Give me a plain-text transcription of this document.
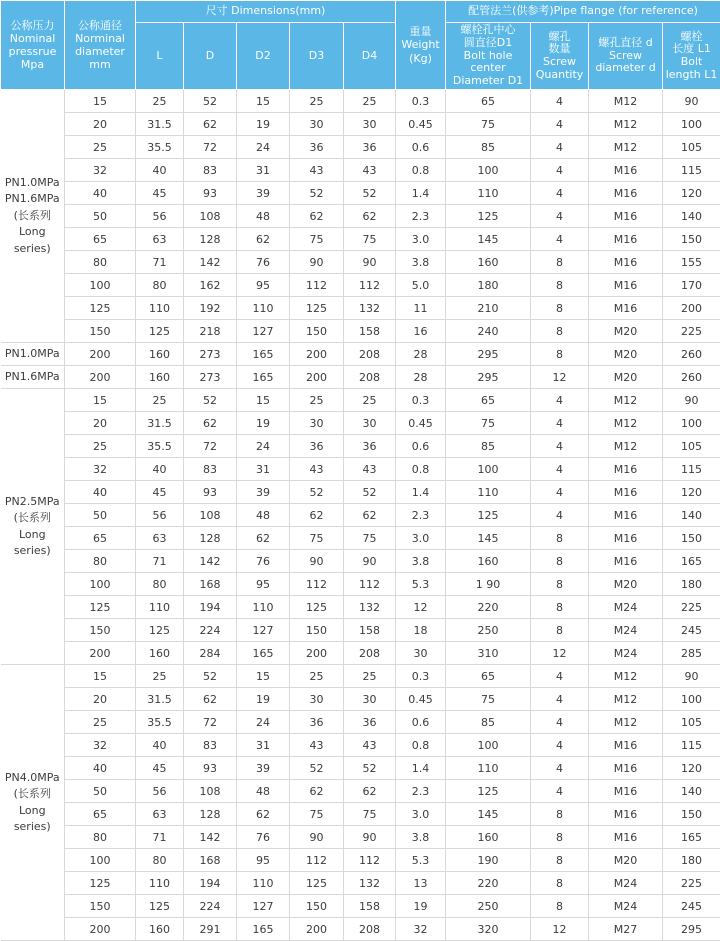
公称压力
Nominal
pressrue
Mpa	公称通径
Norminal
diameter
mm	尺寸 Dimensions(mm)					重量
Weight
(Kg)	配管法兰(供参考)Pipe flange (for reference)			
		L	D	D2	D3	D4		螺栓孔中心
圆直径D1
Bolt hole center
Diameter D1	螺孔
数量
Screw
Quantity	螺孔直径 d
Screw
diameter d	螺栓
长度 L1
Bolt
length L1

PN1.0MPa
PN1.6MPa
(长系列
Long series)	15	25	52	15	25	25	0.3	65	4	M12	90
	20	31.5	62	19	30	30	0.45	75	4	M12	100
	25	35.5	72	24	36	36	0.6	85	4	M12	105
	32	40	83	31	43	43	0.8	100	4	M16	115
	40	45	93	39	52	52	1.4	110	4	M16	120
	50	56	108	48	62	62	2.3	125	4	M16	140
	65	63	128	62	75	75	3.0	145	4	M16	150
	80	71	142	76	90	90	3.8	160	8	M16	155
	100	80	162	95	112	112	5.0	180	8	M16	170
	125	110	192	110	125	132	11	210	8	M16	200
	150	125	218	127	150	158	16	240	8	M20	225

PN1.0MPa	200	160	273	165	200	208	28	295	8	M20	260

PN1.6MPa	200	160	273	165	200	208	28	295	12	M20	260

PN2.5MPa
(长系列
Long series)	15	25	52	15	25	25	0.3	65	4	M12	90
	20	31.5	62	19	30	30	0.45	75	4	M12	100
	25	35.5	72	24	36	36	0.6	85	4	M12	105
	32	40	83	31	43	43	0.8	100	4	M16	115
	40	45	93	39	52	52	1.4	110	4	M16	120
	50	56	108	48	62	62	2.3	125	4	M16	140
	65	63	128	62	75	75	3.0	145	8	M16	150
	80	71	142	76	90	90	3.8	160	8	M16	165
	100	80	168	95	112	112	5.3	1 90	8	M20	180
	125	110	194	110	125	132	12	220	8	M24	225
	150	125	224	127	150	158	18	250	8	M24	245
	200	160	284	165	200	208	30	310	12	M24	285

PN4.0MPa
(长系列
Long series)	15	25	52	15	25	25	0.3	65	4	M12	90
	20	31.5	62	19	30	30	0.45	75	4	M12	100
	25	35.5	72	24	36	36	0.6	85	4	M12	105
	32	40	83	31	43	43	0.8	100	4	M16	115
	40	45	93	39	52	52	1.4	110	4	M16	120
	50	56	108	48	62	62	2.3	125	4	M16	140
	65	63	128	62	75	75	3.0	145	8	M16	150
	80	71	142	76	90	90	3.8	160	8	M16	165
	100	80	168	95	112	112	5.3	190	8	M20	180
	125	110	194	110	125	132	13	220	8	M24	225
	150	125	224	127	150	158	19	250	8	M24	245
	200	160	291	165	200	208	32	320	12	M27	295
